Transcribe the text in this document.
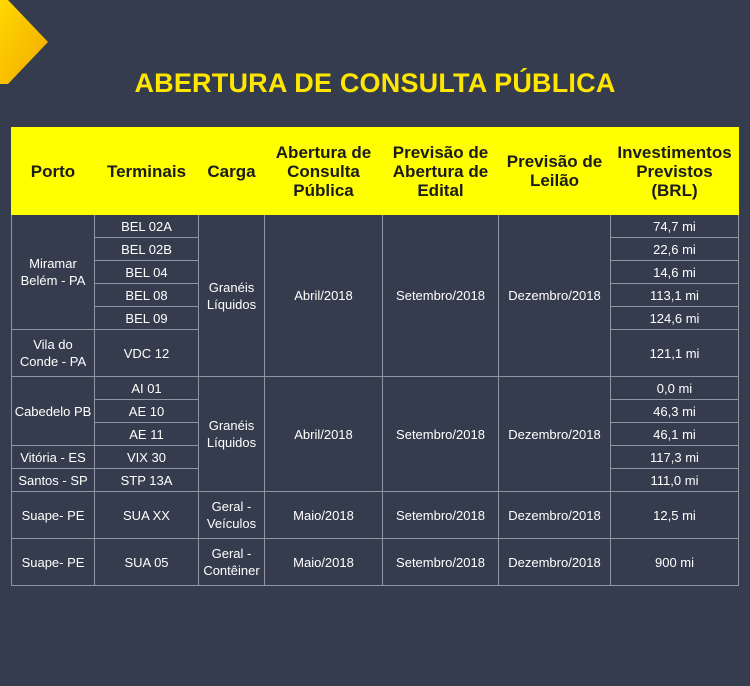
ABERTURA DE CONSULTA PÚBLICA
Porto	Terminais	Carga	Abertura de Consulta Pública	Previsão de Abertura de Edital	Previsão de Leilão	Investimentos Previstos (BRL)
Miramar Belém - PA	BEL 02A	Granéis Líquidos	Abril/2018	Setembro/2018	Dezembro/2018	74,7 mi
	BEL 02B					22,6 mi
	BEL 04					14,6 mi
	BEL 08					113,1 mi
	BEL 09					124,6 mi
Vila do Conde - PA	VDC 12					121,1 mi

Cabedelo PB	AI 01	Granéis Líquidos	Abril/2018	Setembro/2018	Dezembro/2018	0,0 mi
	AE 10					46,3 mi
	AE 11					46,1 mi
Vitória - ES	VIX 30					117,3 mi
Santos - SP	STP 13A					111,0 mi
Suape- PE	SUA XX	Geral - Veículos	Maio/2018	Setembro/2018	Dezembro/2018	12,5 mi
Suape- PE	SUA 05	Geral - Contêiner	Maio/2018	Setembro/2018	Dezembro/2018	900 mi
